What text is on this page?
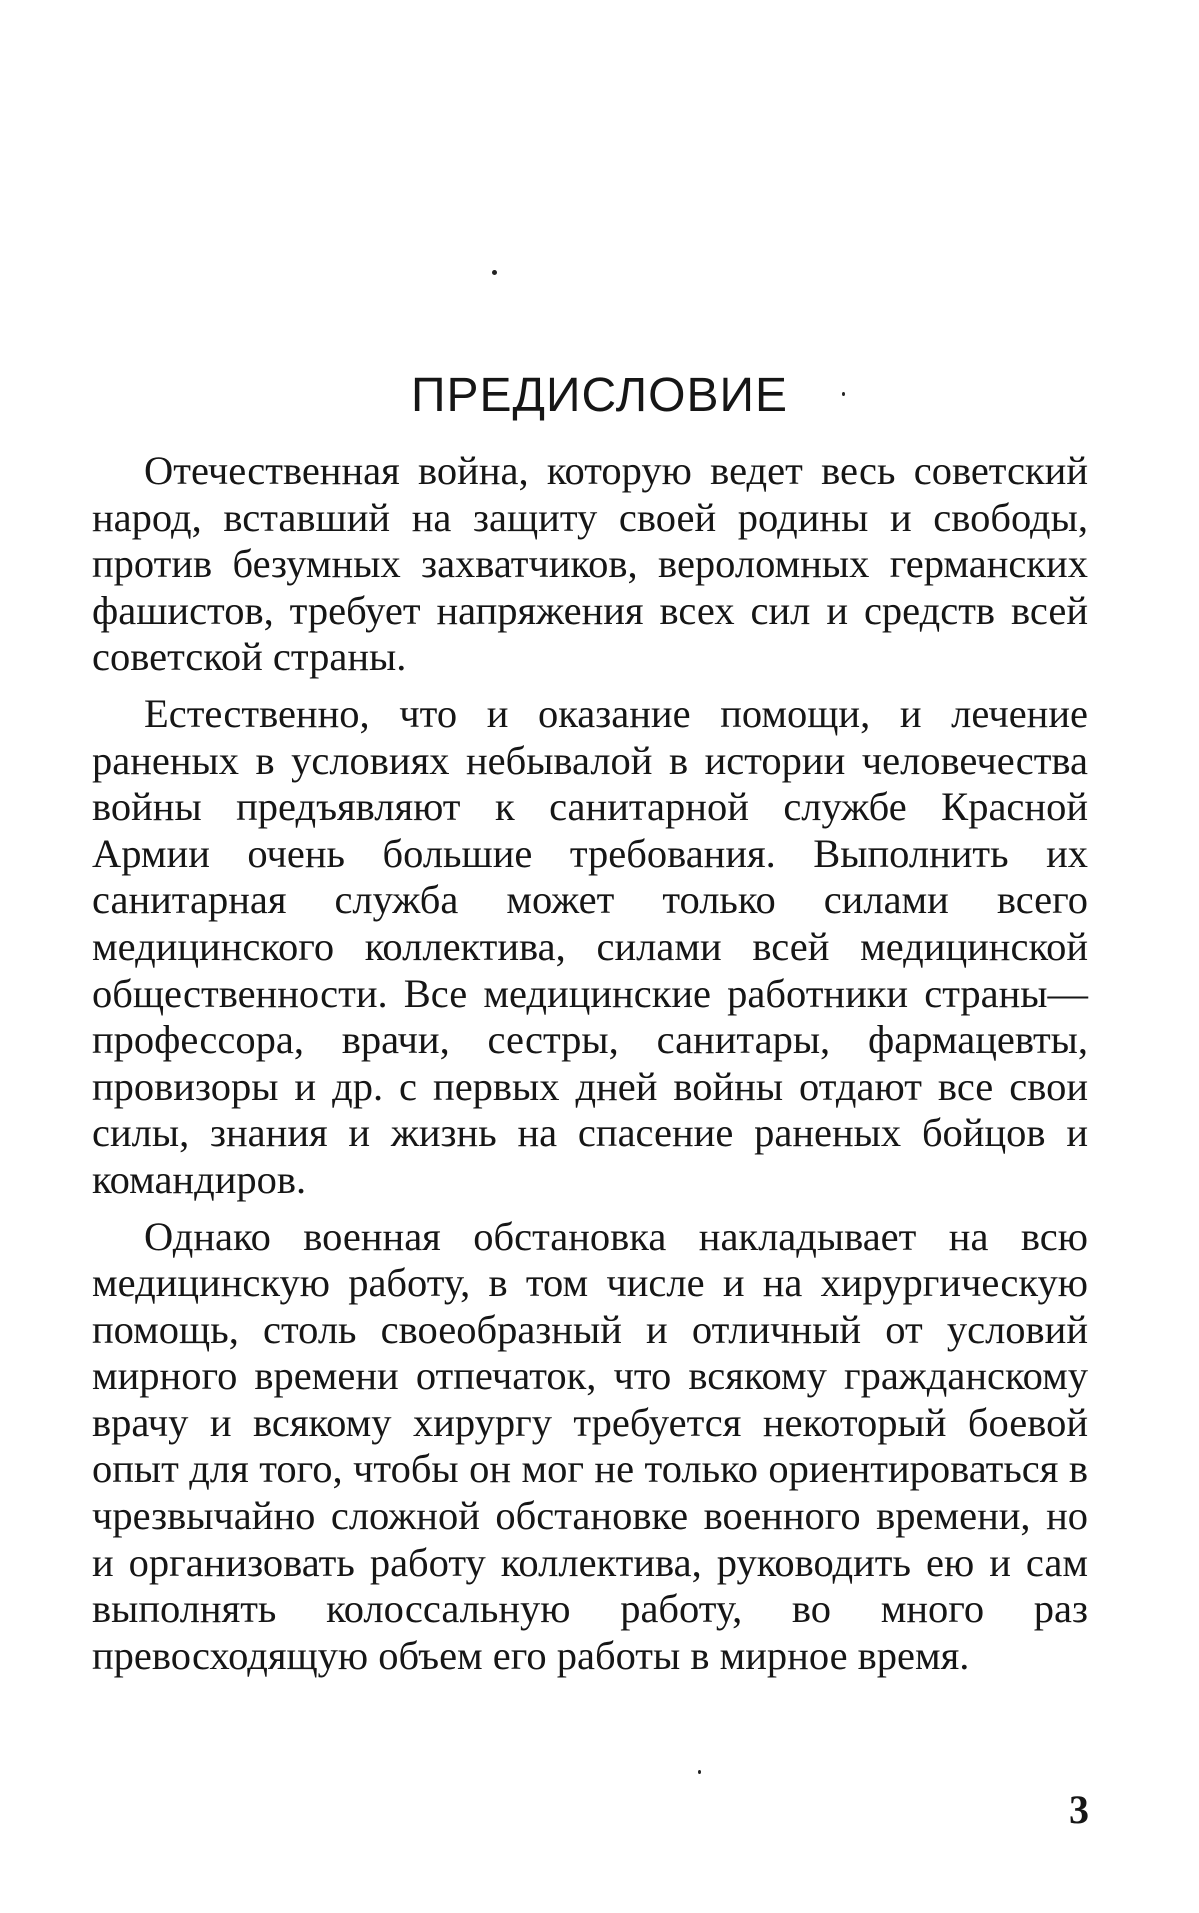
ПРЕДИСЛОВИЕ

Отечественная война, которую ведет весь советский народ, вставший на защиту своей родины и свободы, против безумных захватчиков, вероломных германских фашистов, требует напряжения всех сил и средств всей советской страны.

Естественно, что и оказание помощи, и лечение раненых в условиях небывалой в истории человечества войны предъявляют к санитарной службе Красной Армии очень большие требования. Выполнить их санитарная служба может только силами всего медицинского коллектива, силами всей медицинской общественности. Все медицинские работники страны—профессора, врачи, сестры, санитары, фармацевты, провизоры и др. с первых дней войны отдают все свои силы, знания и жизнь на спасение раненых бойцов и командиров.

Однако военная обстановка накладывает на всю медицинскую работу, в том числе и на хирургическую помощь, столь своеобразный и отличный от условий мирного времени отпечаток, что всякому гражданскому врачу и всякому хирургу требуется некоторый боевой опыт для того, чтобы он мог не только ориентироваться в чрезвычайно сложной обстановке военного времени, но и организовать работу коллектива, руководить ею и сам выполнять колоссальную работу, во много раз превосходящую объем его работы в мирное время.

3
